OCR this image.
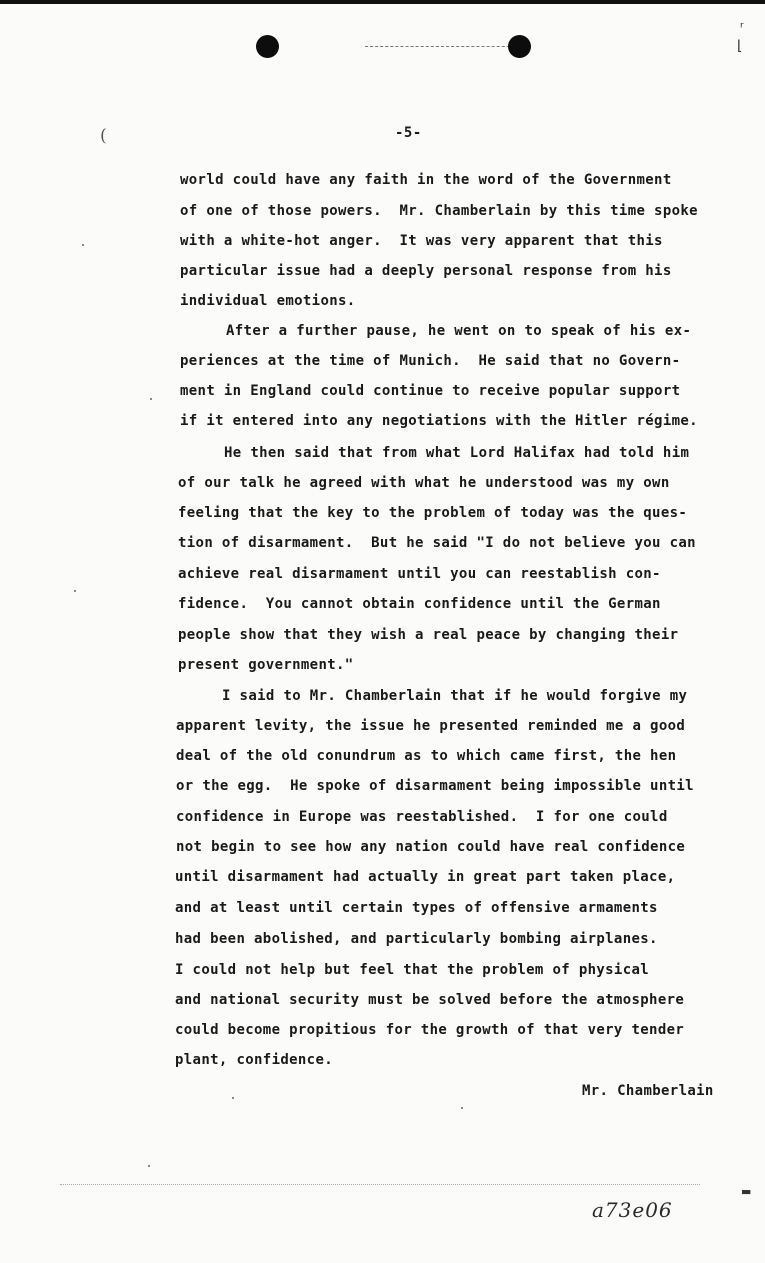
ʳ
⌊
▬
(	-5-
world could have any faith in the word of the Government
of one of those powers.  Mr. Chamberlain by this time spoke
with a white-hot anger.  It was very apparent that this
particular issue had a deeply personal response from his
individual emotions.
After a further pause, he went on to speak of his ex-
periences at the time of Munich.  He said that no Govern-
ment in England could continue to receive popular support
if it entered into any negotiations with the Hitler régime.
He then said that from what Lord Halifax had told him
of our talk he agreed with what he understood was my own
feeling that the key to the problem of today was the ques-
tion of disarmament.  But he said "I do not believe you can
achieve real disarmament until you can reestablish con-
fidence.  You cannot obtain confidence until the German
people show that they wish a real peace by changing their
present government."
I said to Mr. Chamberlain that if he would forgive my
apparent levity, the issue he presented reminded me a good
deal of the old conundrum as to which came first, the hen
or the egg.  He spoke of disarmament being impossible until
confidence in Europe was reestablished.  I for one could
not begin to see how any nation could have real confidence
until disarmament had actually in great part taken place,
and at least until certain types of offensive armaments
had been abolished, and particularly bombing airplanes.
I could not help but feel that the problem of physical
and national security must be solved before the atmosphere
could become propitious for the growth of that very tender
plant, confidence.
Mr. Chamberlain
a73e06
